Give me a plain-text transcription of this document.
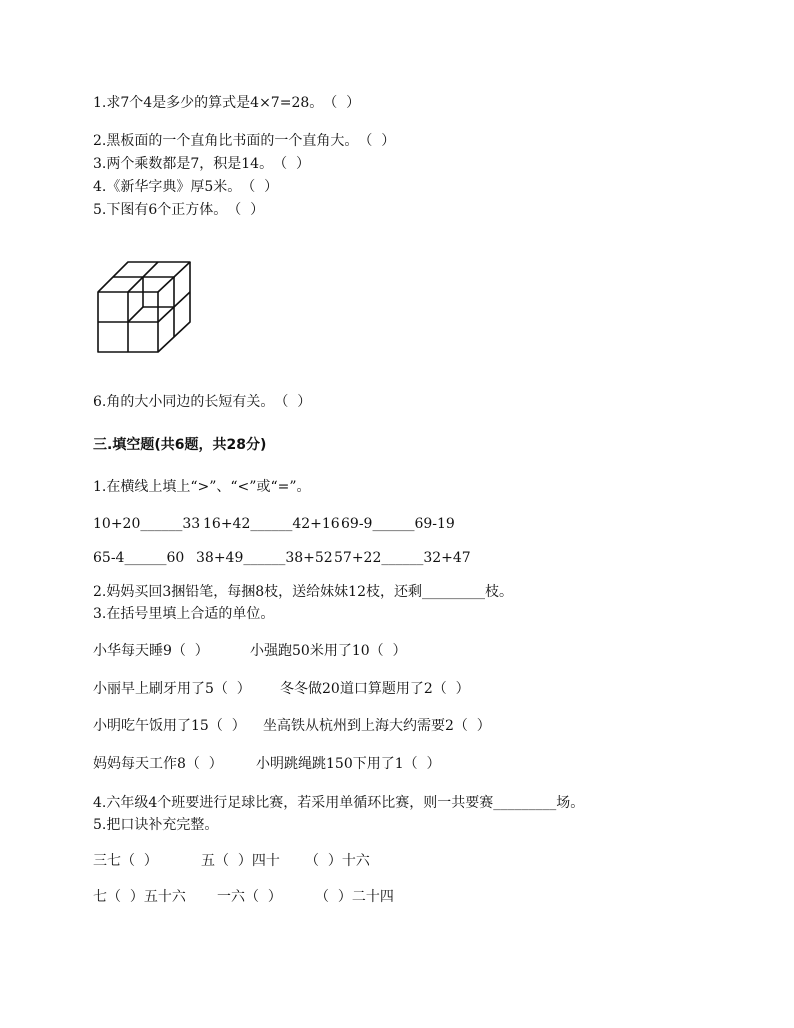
1.求7个4是多少的算式是4×7=28。　（  ）
2.黑板面的一个直角比书面的一个直角大。　（  ）
3.两个乘数都是7，积是14。　（  ）
4.《新华字典》厚5米。　（  ）
5.下图有6个正方体。　（  ）
6.角的大小同边的长短有关。　（  ）
三.填空题(共6题，共28分)
1.在横线上填上“>”、“<”或“=”。
10+20______33 16+42______42+16 69-9______69-19
65-4______60 38+49______38+52 57+22______32+47
2.妈妈买回3捆铅笔，每捆8枝，送给妹妹12枝，还剩_________枝。
3.在括号里填上合适的单位。
小华每天睡9（  ）	小强跑50米用了10（  ）
小丽早上刷牙用了5（  ） 冬冬做20道口算题用了2（  ）
小明吃午饭用了15（  ） 坐高铁从杭州到上海大约需要2（  ）
妈妈每天工作8（  ） 小明跳绳跳150下用了1（  ）
4.六年级4个班要进行足球比赛，若采用单循环比赛，则一共要赛_________场。
5.把口诀补充完整。
三七（  ）	五（  ）四十 （  ）十六
七（  ）五十六 一六（  ） （  ）二十四
